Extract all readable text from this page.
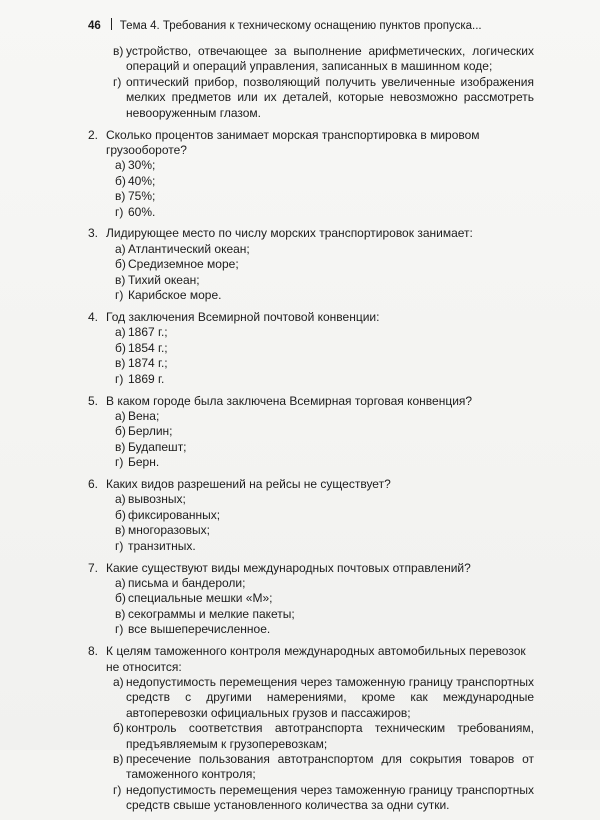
46 Тема 4. Требования к техническому оснащению пунктов пропуска...
в) устройство, отвечающее за выполнение арифметических, логических операций и операций управления, записанных в машинном коде;
г) оптический прибор, позволяющий получить увеличенные изображения мелких предметов или их деталей, которые невозможно рассмотреть невооруженным глазом.
2. Сколько процентов занимает морская транспортировка в мировом грузообороте?
а) 30%;
б) 40%;
в) 75%;
г) 60%.
3. Лидирующее место по числу морских транспортировок занимает:
а) Атлантический океан;
б) Средиземное море;
в) Тихий океан;
г) Карибское море.
4. Год заключения Всемирной почтовой конвенции:
а) 1867 г.;
б) 1854 г.;
в) 1874 г.;
г) 1869 г.
5. В каком городе была заключена Всемирная торговая конвенция?
а) Вена;
б) Берлин;
в) Будапешт;
г) Берн.
6. Каких видов разрешений на рейсы не существует?
а) вывозных;
б) фиксированных;
в) многоразовых;
г) транзитных.
7. Какие существуют виды международных почтовых отправлений?
а) письма и бандероли;
б) специальные мешки «М»;
в) секограммы и мелкие пакеты;
г) все вышеперечисленное.
8. К целям таможенного контроля международных автомобильных перевозок не относится:
а) недопустимость перемещения через таможенную границу транспортных средств с другими намерениями, кроме как международные автоперевозки официальных грузов и пассажиров;
б) контроль соответствия автотранспорта техническим требованиям, предъявляемым к грузоперевозкам;
в) пресечение пользования автотранспортом для сокрытия товаров от таможенного контроля;
г) недопустимость перемещения через таможенную границу транспортных средств свыше установленного количества за одни сутки.
